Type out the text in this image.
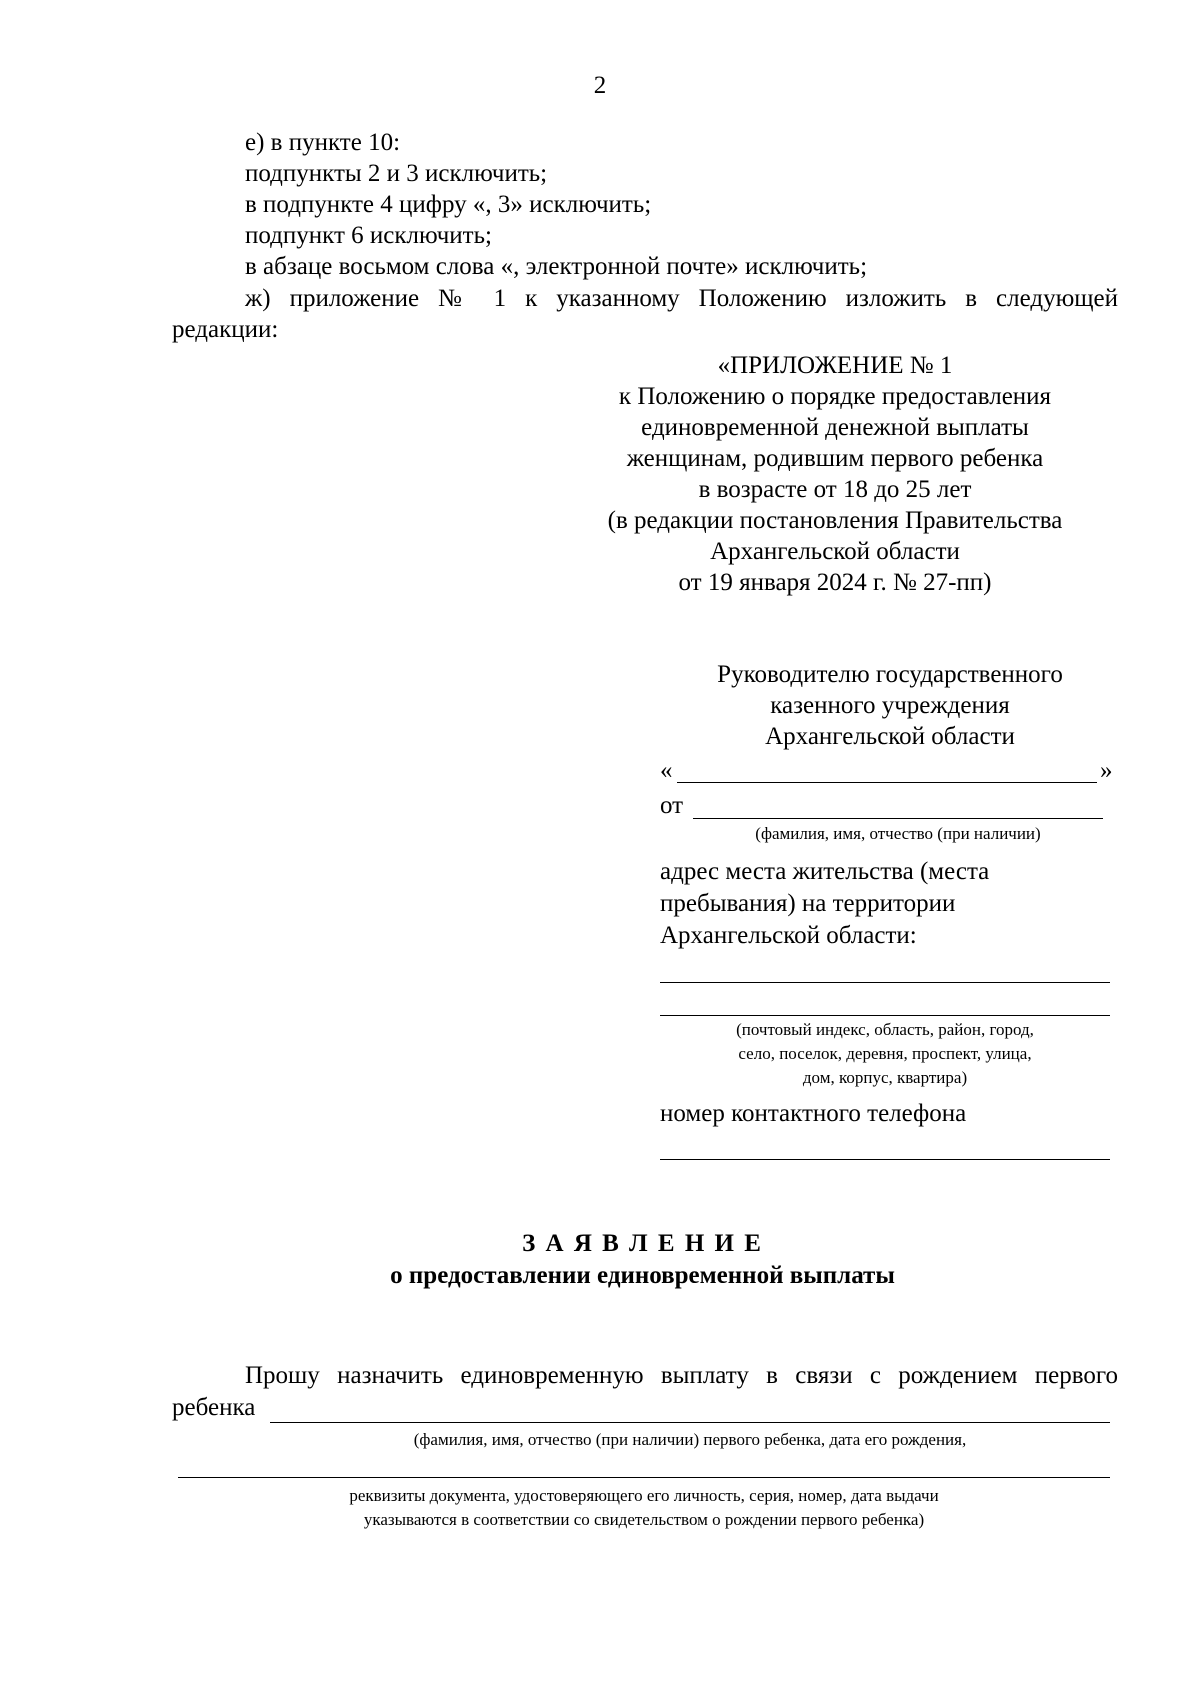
2
е) в пункте 10:
подпункты 2 и 3 исключить;
в подпункте 4 цифру «, 3» исключить;
подпункт 6 исключить;
в абзаце восьмом слова «, электронной почте» исключить;
ж) приложение № 1 к указанному Положению изложить в следующей
редакции:
«ПРИЛОЖЕНИЕ № 1
к Положению о порядке предоставления
единовременной денежной выплаты
женщинам, родившим первого ребенка
в возрасте от 18 до 25 лет
(в редакции постановления Правительства
Архангельской области
от 19 января 2024 г. № 27-пп)
Руководителю государственного
казенного учреждения
Архангельской области
«	»
от
(фамилия, имя, отчество (при наличии)
адрес места жительства (места
пребывания) на территории
Архангельской области:
(почтовый индекс, область, район, город,
село, поселок, деревня, проспект, улица,
дом, корпус, квартира)
номер контактного телефона
З А Я В Л Е Н И Е
о предоставлении единовременной выплаты
Прошу назначить единовременную выплату в связи с рождением первого
ребенка
(фамилия, имя, отчество (при наличии) первого ребенка, дата его рождения,
реквизиты документа, удостоверяющего его личность, серия, номер, дата выдачи
указываются в соответствии со свидетельством о рождении первого ребенка)
